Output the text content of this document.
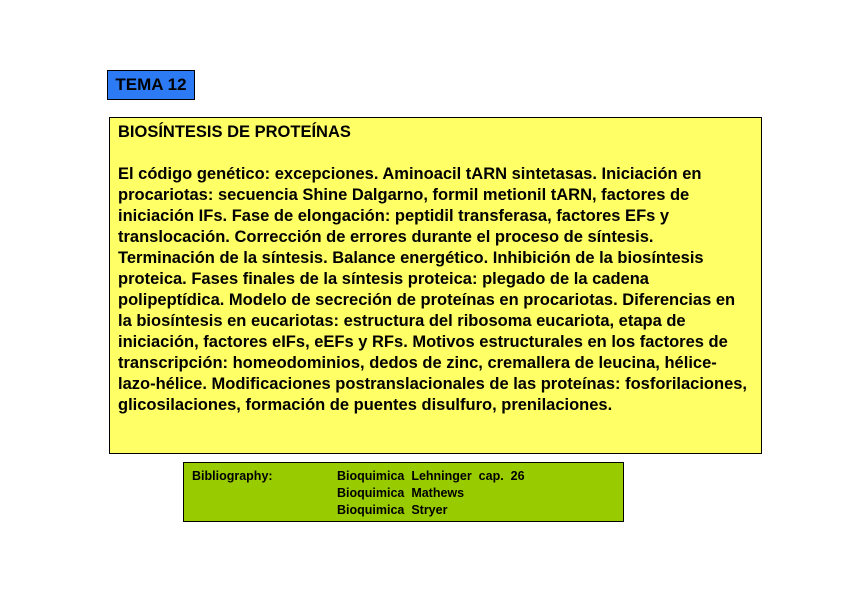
TEMA 12

BIOSÍNTESIS DE PROTEÍNAS

El código genético: excepciones. Aminoacil tARN sintetasas. Iniciación en procariotas: secuencia Shine Dalgarno, formil metionil tARN, factores de iniciación IFs. Fase de elongación: peptidil transferasa, factores EFs y translocación. Corrección de errores durante el proceso de síntesis. Terminación de la síntesis. Balance energético. Inhibición de la biosíntesis proteica. Fases finales de la síntesis proteica: plegado de la cadena polipeptídica. Modelo de secreción de proteínas en procariotas. Diferencias en la biosíntesis en eucariotas: estructura del ribosoma eucariota, etapa de iniciación, factores eIFs, eEFs y RFs. Motivos estructurales en los factores de transcripción: homeodominios, dedos de zinc, cremallera de leucina, hélice-lazo-hélice. Modificaciones postranslacionales de las proteínas: fosforilaciones, glicosilaciones, formación de puentes disulfuro, prenilaciones.

Bibliography:	Bioquimica  Lehninger  cap.  26
Bioquimica  Mathews
Bioquimica  Stryer
